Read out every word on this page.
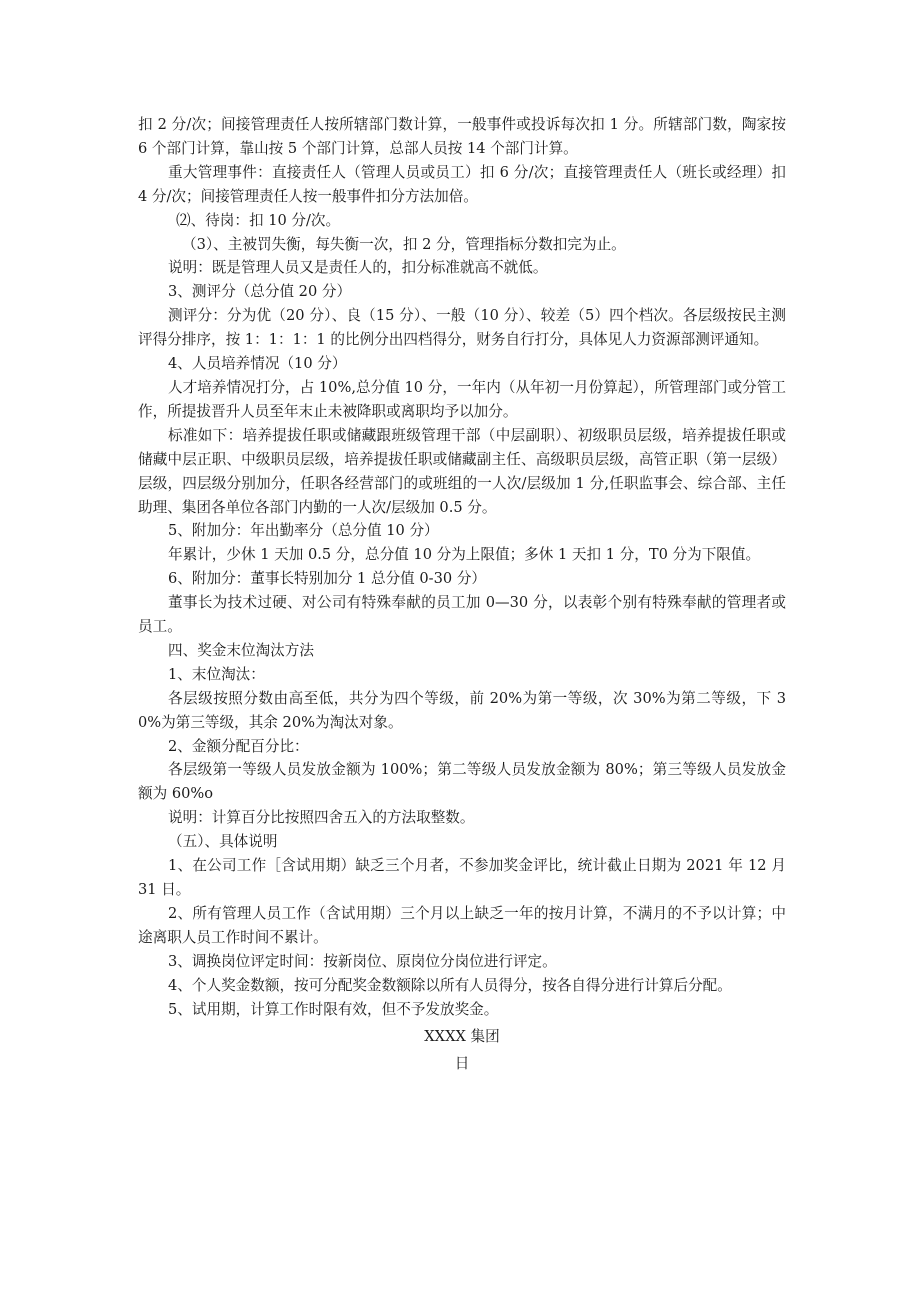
扣 2 分/次；间接管理责任人按所辖部门数计算，一般事件或投诉每次扣 1 分。所辖部门数，陶家按 6 个部门计算，靠山按 5 个部门计算，总部人员按 14 个部门计算。

重大管理事件：直接责任人（管理人员或员工）扣 6 分/次；直接管理责任人（班长或经理）扣 4 分/次；间接管理责任人按一般事件扣分方法加倍。

⑵、待岗：扣 10 分/次。

（3）、主被罚失衡，每失衡一次，扣 2 分，管理指标分数扣完为止。

说明：既是管理人员又是责任人的，扣分标准就高不就低。

3、测评分（总分值 20 分）

测评分：分为优（20 分）、良（15 分）、一般（10 分）、较差（5）四个档次。各层级按民主测评得分排序，按 1：1：1：1 的比例分出四档得分，财务自行打分，具体见人力资源部测评通知。

4、人员培养情况（10 分）

人才培养情况打分，占 10%,总分值 10 分，一年内（从年初一月份算起），所管理部门或分管工作，所提拔晋升人员至年末止未被降职或离职均予以加分。

标准如下：培养提拔任职或储藏跟班级管理干部（中层副职）、初级职员层级，培养提拔任职或储藏中层正职、中级职员层级，培养提拔任职或储藏副主任、高级职员层级，高管正职（第一层级）层级，四层级分别加分，任职各经营部门的或班组的一人次/层级加 1 分,任职监事会、综合部、主任助理、集团各单位各部门内勤的一人次/层级加 0.5 分。

5、附加分：年出勤率分（总分值 10 分）

年累计，少休 1 天加 0.5 分，总分值 10 分为上限值；多休 1 天扣 1 分，T0 分为下限值。

6、附加分：董事长特别加分 1 总分值 0-30 分）

董事长为技术过硬、对公司有特殊奉献的员工加 0—30 分，以表彰个别有特殊奉献的管理者或员工。

四、奖金末位淘汰方法

1、末位淘汰：

各层级按照分数由高至低，共分为四个等级，前 20%为第一等级，次 30%为第二等级，下 30%为第三等级，其余 20%为淘汰对象。

2、金额分配百分比：

各层级第一等级人员发放金额为 100%；第二等级人员发放金额为 80%；第三等级人员发放金额为 60%o

说明：计算百分比按照四舍五入的方法取整数。

（五）、具体说明

1、在公司工作［含试用期）缺乏三个月者，不参加奖金评比，统计截止日期为 2021 年 12 月 31 日。

2、所有管理人员工作（含试用期）三个月以上缺乏一年的按月计算，不满月的不予以计算；中途离职人员工作时间不累计。

3、调换岗位评定时间：按新岗位、原岗位分岗位进行评定。

4、个人奖金数额，按可分配奖金数额除以所有人员得分，按各自得分进行计算后分配。

5、试用期，计算工作时限有效，但不予发放奖金。

XXXX 集团

日
